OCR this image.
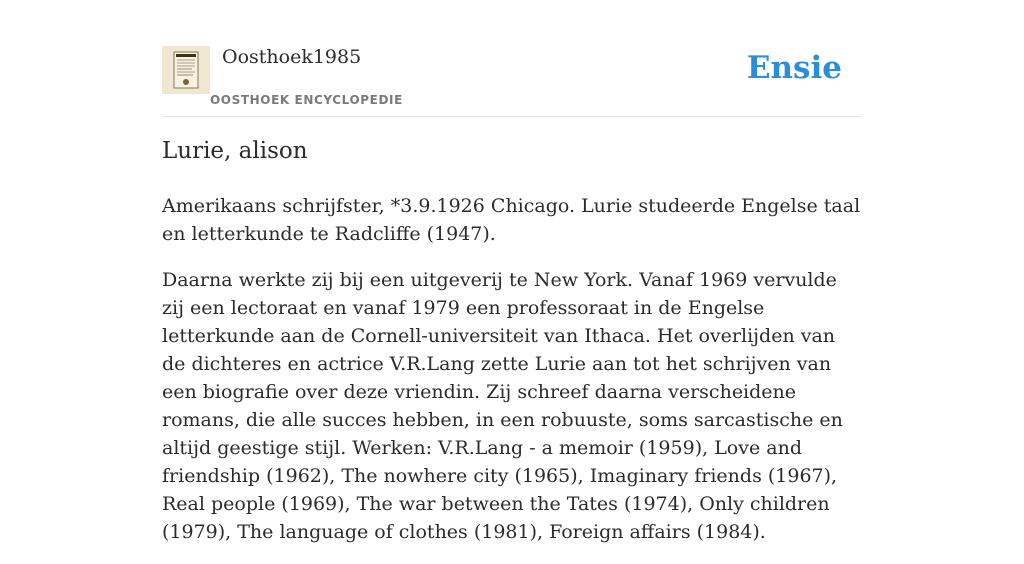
Oosthoek1985
OOSTHOEK ENCYCLOPEDIE
Ensie
Lurie, alison

Amerikaans schrijfster, *3.9.1926 Chicago. Lurie studeerde Engelse taal en letterkunde te Radcliffe (1947).

Daarna werkte zij bij een uitgeverij te New York. Vanaf 1969 vervulde zij een lectoraat en vanaf 1979 een professoraat in de Engelse letterkunde aan de Cornell-universiteit van Ithaca. Het overlijden van de dichteres en actrice V.R.Lang zette Lurie aan tot het schrijven van een biografie over deze vriendin. Zij schreef daarna verscheidene romans, die alle succes hebben, in een robuuste, soms sarcastische en altijd geestige stijl. Werken: V.R.Lang - a memoir (1959), Love and friendship (1962), The nowhere city (1965), Imaginary friends (1967), Real people (1969), The war between the Tates (1974), Only children (1979), The language of clothes (1981), Foreign affairs (1984).
